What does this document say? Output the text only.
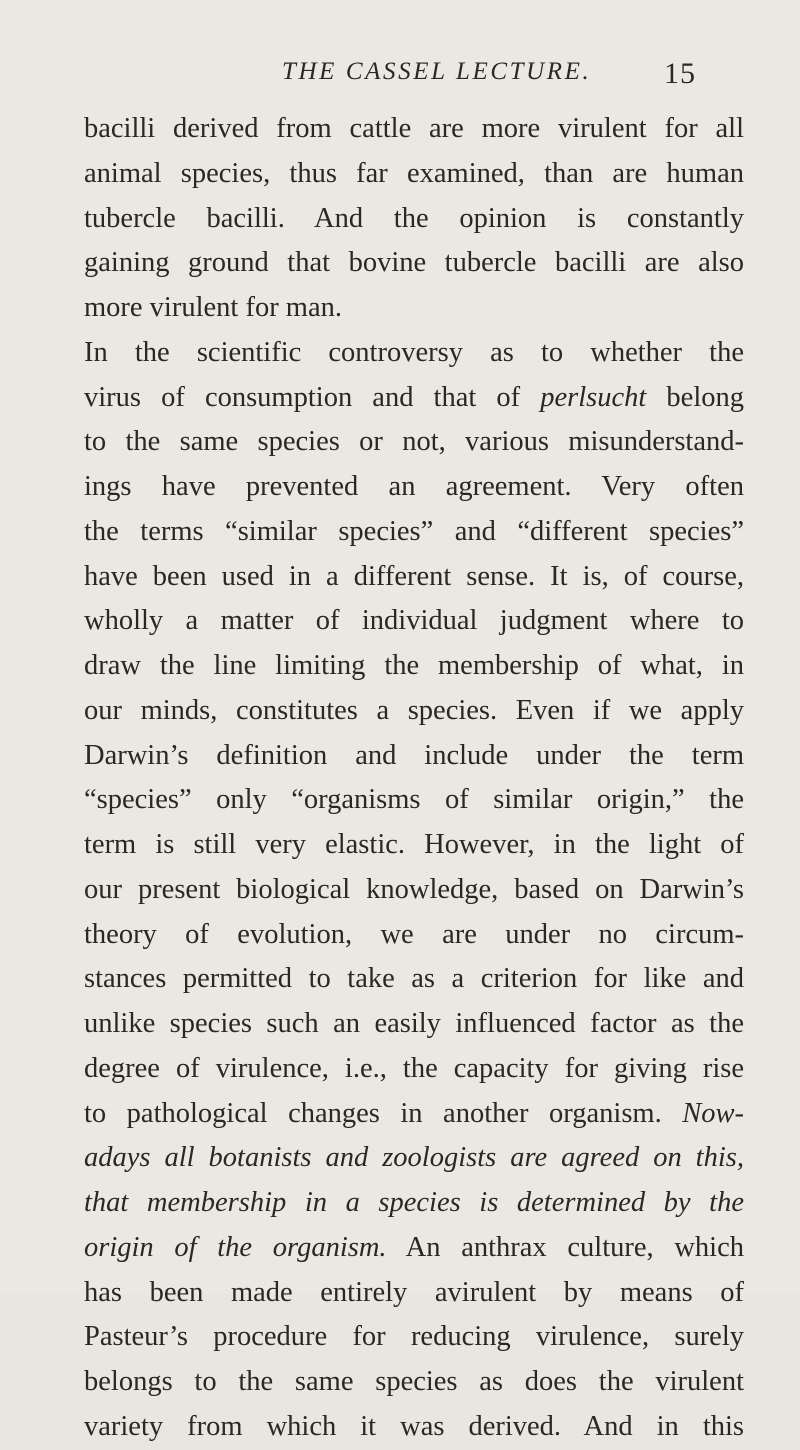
THE CASSEL LECTURE. 15
bacilli derived from cattle are more virulent for all
animal species, thus far examined, than are human
tubercle bacilli. And the opinion is constantly
gaining ground that bovine tubercle bacilli are also
more virulent for man.
In the scientific controversy as to whether the
virus of consumption and that of perlsucht belong
to the same species or not, various misunderstand-
ings have prevented an agreement. Very often
the terms “similar species” and “different species”
have been used in a different sense. It is, of course,
wholly a matter of individual judgment where to
draw the line limiting the membership of what, in
our minds, constitutes a species. Even if we apply
Darwin’s definition and include under the term
“species” only “organisms of similar origin,” the
term is still very elastic. However, in the light of
our present biological knowledge, based on Darwin’s
theory of evolution, we are under no circum-
stances permitted to take as a criterion for like and
unlike species such an easily influenced factor as the
degree of virulence, i.e., the capacity for giving rise
to pathological changes in another organism. Now-
adays all botanists and zoologists are agreed on this,
that membership in a species is determined by the
origin of the organism. An anthrax culture, which
has been made entirely avirulent by means of
Pasteur’s procedure for reducing virulence, surely
belongs to the same species as does the virulent
variety from which it was derived. And in this
